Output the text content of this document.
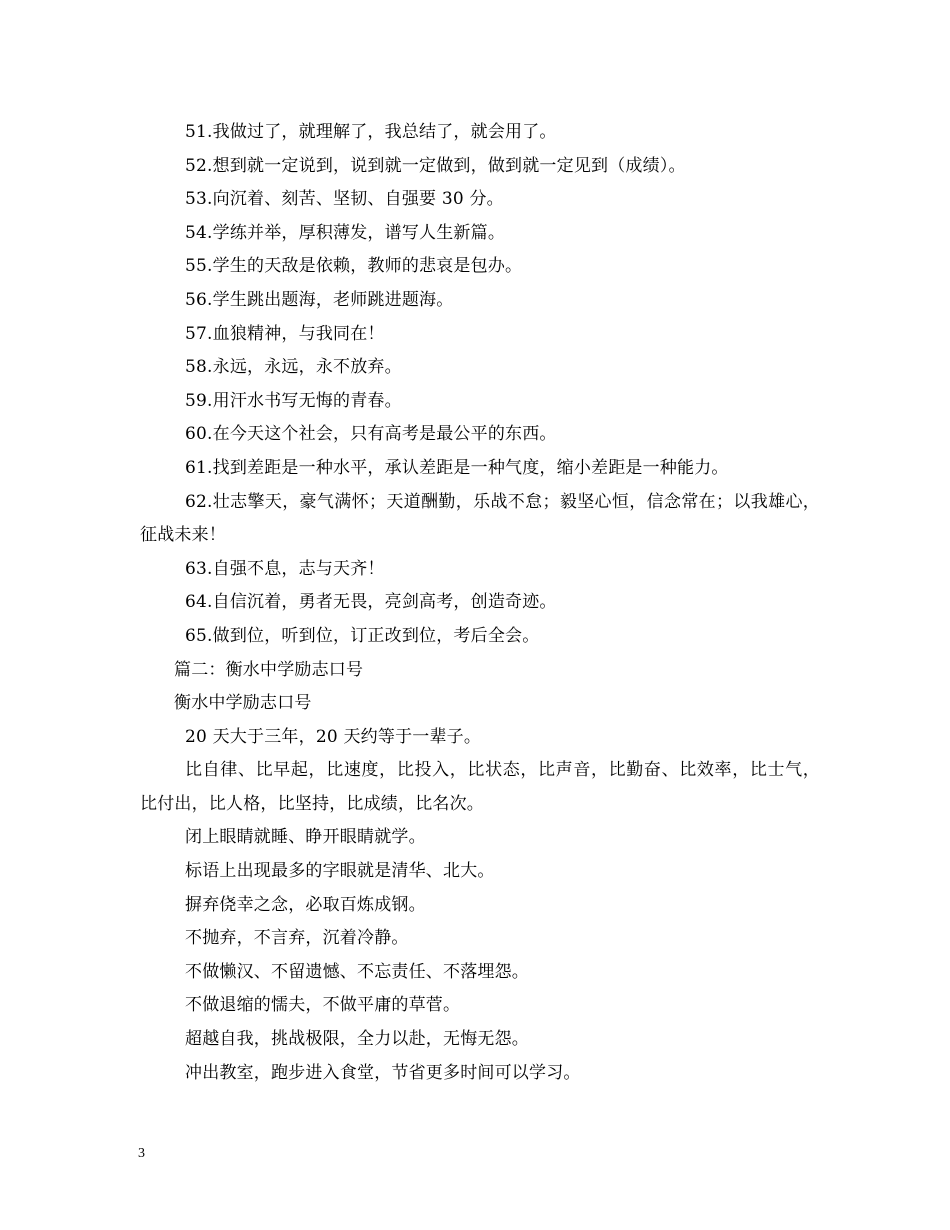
51.我做过了，就理解了，我总结了，就会用了。

52.想到就一定说到，说到就一定做到，做到就一定见到（成绩）。

53.向沉着、刻苦、坚韧、自强要 30 分。

54.学练并举，厚积薄发，谱写人生新篇。

55.学生的天敌是依赖，教师的悲哀是包办。

56.学生跳出题海，老师跳进题海。

57.血狼精神，与我同在！

58.永远，永远，永不放弃。

59.用汗水书写无悔的青春。

60.在今天这个社会，只有高考是最公平的东西。

61.找到差距是一种水平，承认差距是一种气度，缩小差距是一种能力。

62.壮志擎天，豪气满怀；天道酬勤，乐战不怠；毅坚心恒，信念常在；以我雄心，征战未来！

63.自强不息，志与天齐！

64.自信沉着，勇者无畏，亮剑高考，创造奇迹。

65.做到位，听到位，订正改到位，考后全会。

篇二：衡水中学励志口号

衡水中学励志口号

20 天大于三年，20 天约等于一辈子。

比自律、比早起，比速度，比投入，比状态，比声音，比勤奋、比效率，比士气，比付出，比人格，比坚持，比成绩，比名次。

闭上眼睛就睡、睁开眼睛就学。

标语上出现最多的字眼就是清华、北大。

摒弃侥幸之念，必取百炼成钢。

不抛弃，不言弃，沉着冷静。

不做懒汉、不留遗憾、不忘责任、不落埋怨。

不做退缩的懦夫，不做平庸的草菅。

超越自我，挑战极限，全力以赴，无悔无怨。

冲出教室，跑步进入食堂，节省更多时间可以学习。

3
